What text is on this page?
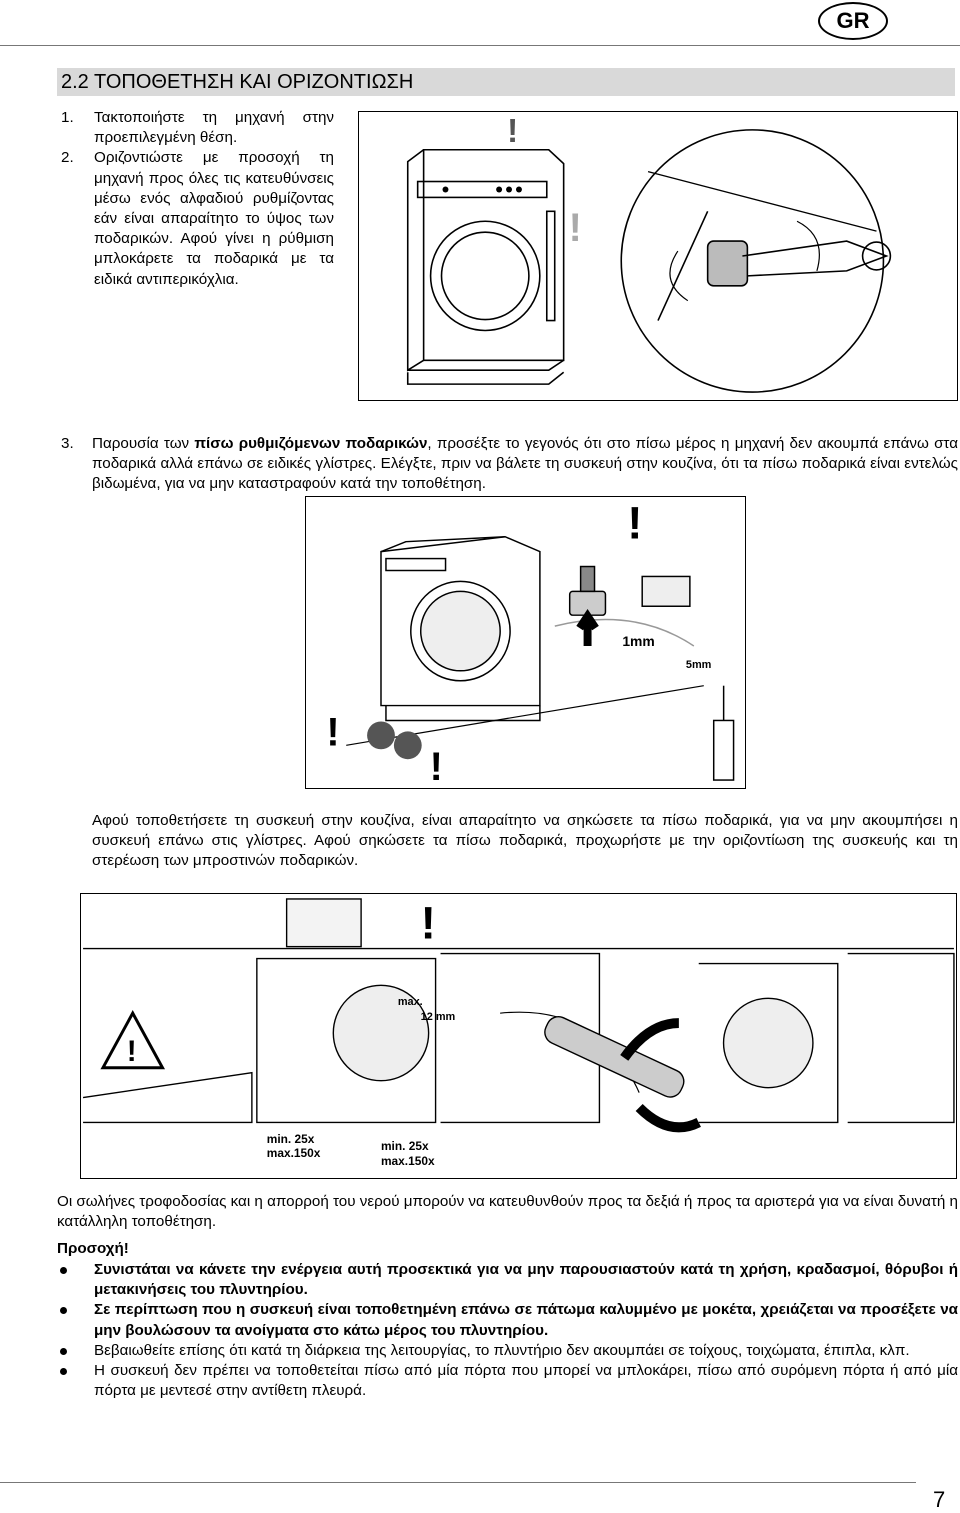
GR
2.2 ΤΟΠΟΘΕΤΗΣΗ ΚΑΙ ΟΡΙΖΟΝΤΙΩΣΗ
1. Τακτοποιήστε τη μηχανή στην προεπιλεγμένη θέση.
2. Οριζοντιώστε με προσοχή τη μηχανή προς όλες τις κατευθύνσεις μέσω ενός αλφαδιού ρυθμίζοντας εάν είναι απαραίτητο το ύψος των ποδαρικών. Αφού γίνει η ρύθμιση μπλοκάρετε τα ποδαρικά με τα ειδικά αντιπερικόχλια.
!
!
3. Παρουσία των πίσω ρυθμιζόμενων ποδαρικών, προσέξτε το γεγονός ότι στο πίσω μέρος η μηχανή δεν ακουμπά επάνω στα ποδαρικά αλλά επάνω σε ειδικές γλίστρες. Ελέγξτε, πριν να βάλετε τη συσκευή στην κουζίνα, ότι τα πίσω ποδαρικά είναι εντελώς βιδωμένα, για να μην καταστραφούν κατά την τοποθέτηση.
!
1mm
5mm
!
!
Αφού τοποθετήσετε τη συσκευή στην κουζίνα, είναι απαραίτητο να σηκώσετε τα πίσω ποδαρικά, για να μην ακουμπήσει η συσκευή επάνω στις γλίστρες. Αφού σηκώσετε τα πίσω ποδαρικά, προχωρήστε με την οριζοντίωση της συσκευής και τη στερέωση των μπροστινών ποδαρικών.
!
!
max.
12 mm
min. 25x
max.150x	min. 25x
max.150x
Οι σωλήνες τροφοδοσίας και η απορροή του νερού μπορούν να κατευθυνθούν προς τα δεξιά ή προς τα αριστερά για να είναι δυνατή η κατάλληλη τοποθέτηση.
Προσοχή!
Συνιστάται να κάνετε την ενέργεια αυτή προσεκτικά για να μην παρουσιαστούν κατά τη χρήση, κραδασμοί, θόρυβοι ή μετακινήσεις του πλυντηρίου.
Σε περίπτωση που η συσκευή είναι τοποθετημένη επάνω σε πάτωμα καλυμμένο με μοκέτα, χρειάζεται να προσέξετε να μην βουλώσουν τα ανοίγματα στο κάτω μέρος του πλυντηρίου.
Βεβαιωθείτε επίσης ότι κατά τη διάρκεια της λειτουργίας, το πλυντήριο δεν ακουμπάει σε τοίχους, τοιχώματα, έπιπλα, κλπ.
Η συσκευή δεν πρέπει να τοποθετείται πίσω από μία πόρτα που μπορεί να μπλοκάρει, πίσω από συρόμενη πόρτα ή από μία πόρτα με μεντεσέ στην αντίθετη πλευρά.
7
